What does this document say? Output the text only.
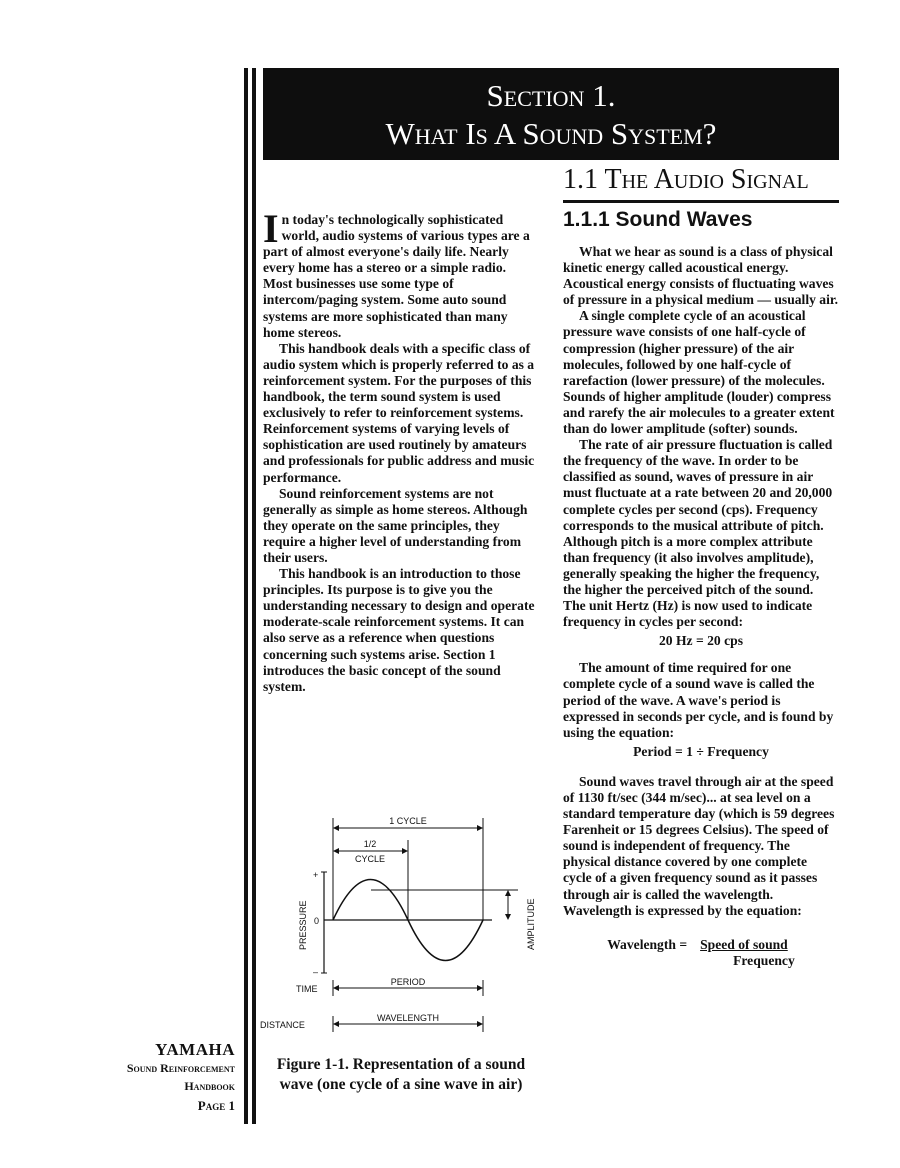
Section 1.
What Is A Sound System?
1.1 The Audio Signal
1.1.1 Sound Waves

In today's technologically sophisticated world, audio systems of various types are a part of almost everyone's daily life. Nearly every home has a stereo or a simple radio. Most businesses use some type of intercom/paging system. Some auto sound systems are more sophisticated than many home stereos.

This handbook deals with a specific class of audio system which is properly referred to as a reinforcement system. For the purposes of this handbook, the term sound system is used exclusively to refer to reinforcement systems. Reinforcement systems of varying levels of sophistication are used routinely by amateurs and professionals for public address and music performance.

Sound reinforcement systems are not generally as simple as home stereos. Although they operate on the same principles, they require a higher level of understanding from their users.

This handbook is an introduction to those principles. Its purpose is to give you the understanding necessary to design and operate moderate-scale reinforcement systems. It can also serve as a reference when questions concerning such systems arise. Section 1 introduces the basic concept of the sound system.

What we hear as sound is a class of physical kinetic energy called acoustical energy. Acoustical energy consists of fluctuating waves of pressure in a physical medium — usually air.

A single complete cycle of an acoustical pressure wave consists of one half-cycle of compression (higher pressure) of the air molecules, followed by one half-cycle of rarefaction (lower pressure) of the molecules. Sounds of higher amplitude (louder) compress and rarefy the air molecules to a greater extent than do lower amplitude (softer) sounds.

The rate of air pressure fluctuation is called the frequency of the wave. In order to be classified as sound, waves of pressure in air must fluctuate at a rate between 20 and 20,000 complete cycles per second (cps). Frequency corresponds to the musical attribute of pitch. Although pitch is a more complex attribute than frequency (it also involves amplitude), generally speaking the higher the frequency, the higher the perceived pitch of the sound. The unit Hertz (Hz) is now used to indicate frequency in cycles per second:

20 Hz = 20 cps

The amount of time required for one complete cycle of a sound wave is called the period of the wave. A wave's period is expressed in seconds per cycle, and is found by using the equation:

Period = 1 ÷ Frequency

Sound waves travel through air at the speed of 1130 ft/sec (344 m/sec)... at sea level on a standard temperature day (which is 59 degrees Farenheit or 15 degrees Celsius). The speed of sound is independent of frequency. The physical distance covered by one complete cycle of a given frequency sound as it passes through air is called the wavelength. Wavelength is expressed by the equation:

Wavelength = $\frac{\text{Speed of sound}}{\text{Frequency}}$
1 CYCLE
1/2
CYCLE
+
0
–
PRESSURE	AMPLITUDE
TIME
PERIOD
DISTANCE
WAVELENGTH
Figure 1-1. Representation of a sound wave (one cycle of a sine wave in air)
YAMAHA
Sound Reinforcement
Handbook
Page 1
